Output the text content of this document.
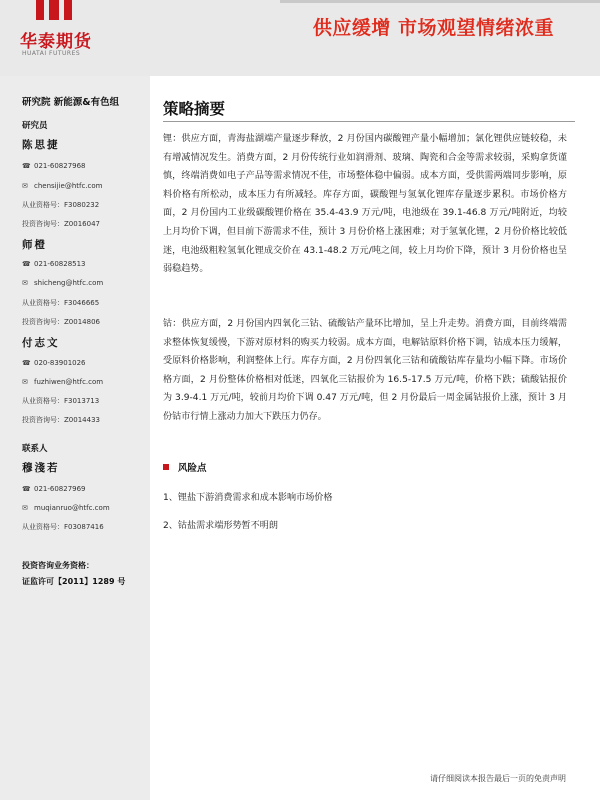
华泰期货
HUATAI FUTURES
供应缓增 市场观望情绪浓重
研究院 新能源&有色组
研究员
陈思捷
☎ 021-60827968
✉ chensijie@htfc.com
从业资格号：F3080232
投资咨询号：Z0016047
师橙
☎ 021-60828513
✉ shicheng@htfc.com
从业资格号：F3046665
投资咨询号：Z0014806
付志文
☎ 020-83901026
✉ fuzhiwen@htfc.com
从业资格号：F3013713
投资咨询号：Z0014433
联系人
穆淺若
☎ 021-60827969
✉ muqianruo@htfc.com
从业资格号：F03087416
投资咨询业务资格：
证监许可【2011】1289 号
策略摘要

锂：供应方面，青海盐湖端产量逐步释放，2 月份国内碳酸锂产量小幅增加；氯化锂供应链较稳，未有增减情况发生。消费方面，2 月份传统行业如润滑剂、玻璃、陶瓷和合金等需求较弱，采购拿货谨慎，终端消费如电子产品等需求情况不佳，市场整体稳中偏弱。成本方面，受供需两端同步影响，原料价格有所松动，成本压力有所减轻。库存方面，碳酸锂与氢氧化锂库存量逐步累积。市场价格方面，2 月份国内工业级碳酸锂价格在 35.4-43.9 万元/吨，电池级在 39.1-46.8 万元/吨附近，均较上月均价下调，但目前下游需求不佳，预计 3 月份价格上涨困难；对于氢氧化锂，2 月份价格比较低迷，电池级粗粒氢氧化锂成交价在 43.1-48.2 万元/吨之间，较上月均价下降，预计 3 月份价格也呈弱稳趋势。

钴：供应方面，2 月份国内四氧化三钴、硫酸钴产量环比增加，呈上升走势。消费方面，目前终端需求整体恢复缓慢，下游对原材料的购买力较弱。成本方面，电解钴原料价格下调，钴成本压力缓解，受原料价格影响，利润整体上行。库存方面，2 月份四氧化三钴和硫酸钴库存量均小幅下降。市场价格方面，2 月份整体价格相对低迷，四氧化三钴报价为 16.5-17.5 万元/吨，价格下跌；硫酸钴报价为 3.9-4.1 万元/吨，较前月均价下调 0.47 万元/吨，但 2 月份最后一周金属钴报价上涨，预计 3 月份钴市行情上涨动力加大下跌压力仍存。

风险点
1、锂盐下游消费需求和成本影响市场价格
2、钴盐需求端形势暂不明朗
请仔细阅读本报告最后一页的免责声明
